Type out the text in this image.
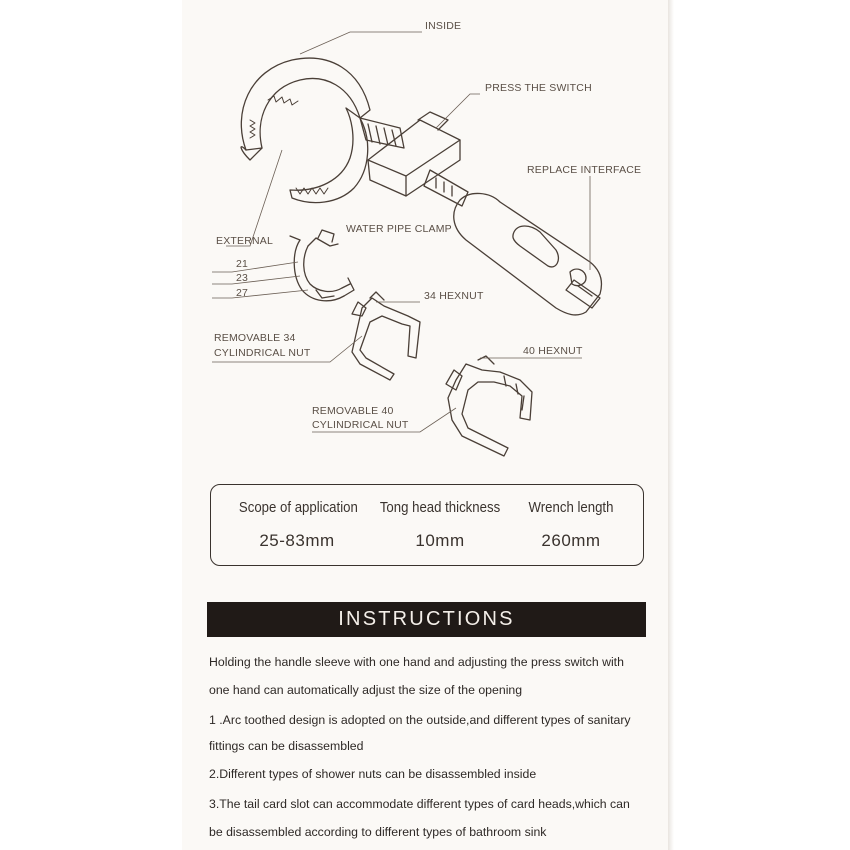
INSIDE
PRESS THE SWITCH
REPLACE INTERFACE
EXTERNAL
WATER PIPE CLAMP
21
23
27	34 HEXNUT
REMOVABLE 34
CYLINDRICAL NUT	40 HEXNUT
REMOVABLE 40
CYLINDRICAL NUT
Scope of application
25-83mm
Tong head thickness
10mm
Wrench length
260mm
INSTRUCTIONS
Holding the handle sleeve with one hand and adjusting the press switch with
one hand can automatically adjust the size of the opening
1 .Arc toothed design is adopted on the outside,and different types of sanitary
fittings can be disassembled
2.Different types of shower nuts can be disassembled inside
3.The tail card slot can accommodate different types of card heads,which can
be disassembled according to different types of bathroom sink
